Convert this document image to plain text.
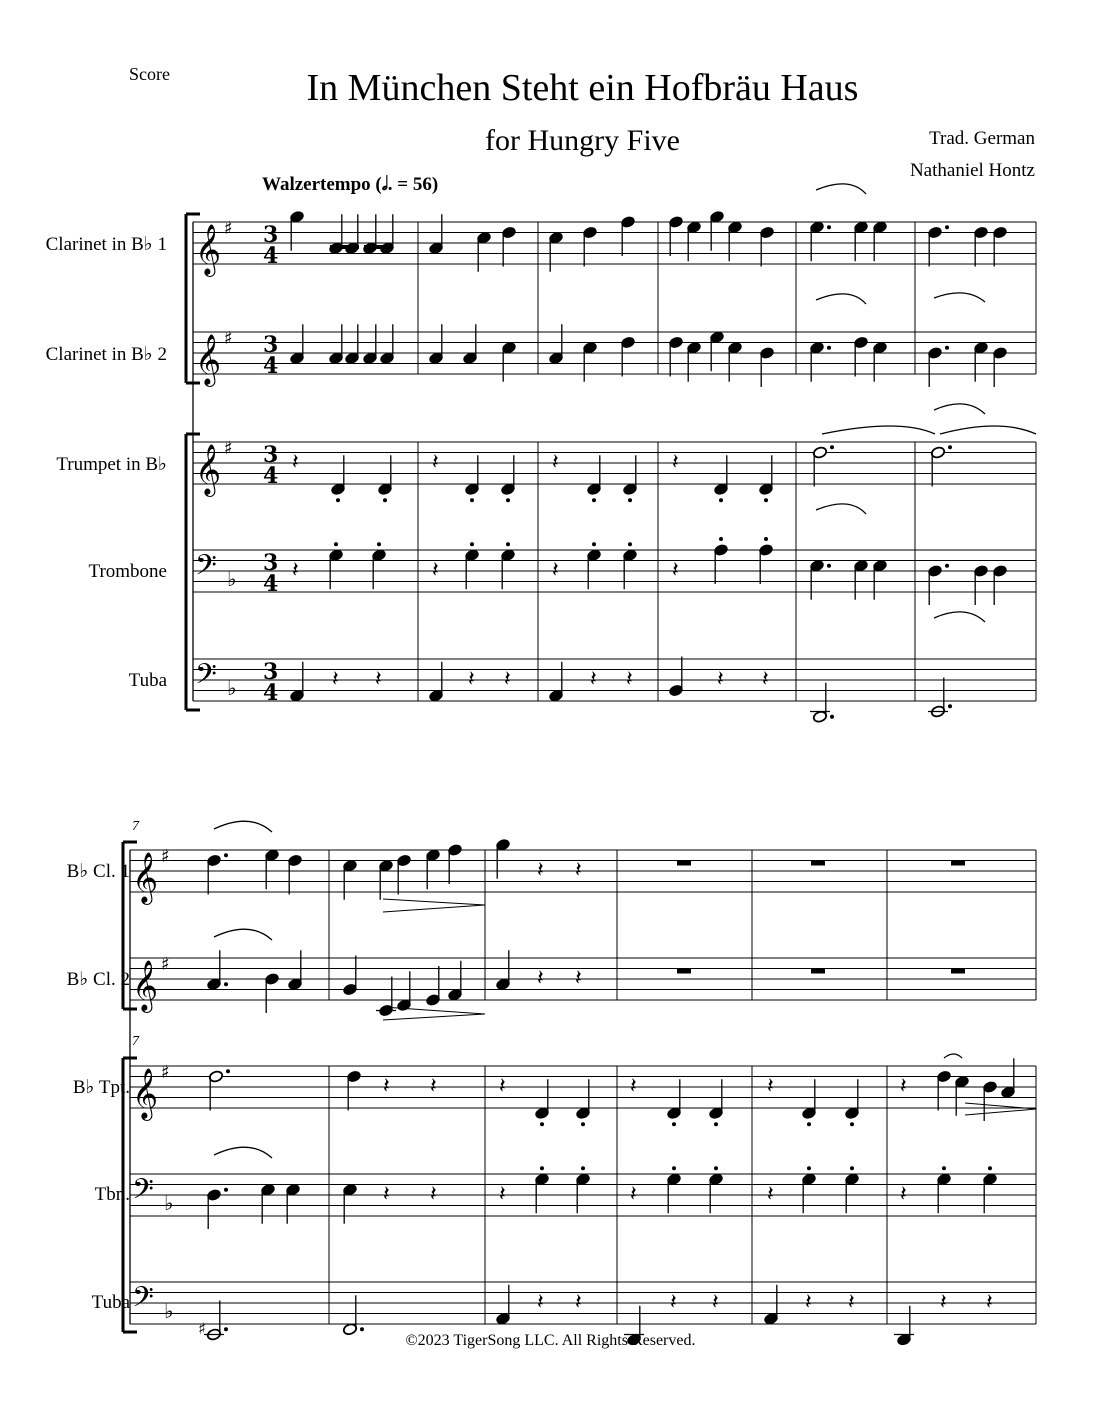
Score	In München Steht ein Hofbräu Haus
for Hungry Five	Trad. German
Nathaniel Hontz
Walzertempo (𝅗𝅥. = 56)
Clarinet in B♭ 1
Clarinet in B♭ 2
Trumpet in B♭
Trombone
Tuba
B♭ Cl. 1
B♭ Cl. 2
B♭ Tpt.
Tbn.
Tuba
7
7
𝄞 ♯ 3
4
𝄞 ♯ 3
4
𝄞 ♯ 3
4
𝄢 ♭
3
4
𝄢 ♭
3
4
𝄽	𝄽	𝄽	𝄽
𝄽	𝄽	𝄽	𝄽
𝄽 𝄽	𝄽 𝄽	𝄽 𝄽	𝄽 𝄽
𝄞 ♯
𝄞 ♯
𝄞 ♯
𝄢 ♭
𝄢 ♭
𝄽 𝄽
𝄽 𝄽
𝄽 𝄽	𝄽	𝄽	𝄽	𝄽
𝄽 𝄽	𝄽	𝄽	𝄽	𝄽
♯
𝄽 𝄽	𝄽 𝄽	𝄽 𝄽	𝄽 𝄽
©2023 TigerSong LLC. All Rights Reserved.
